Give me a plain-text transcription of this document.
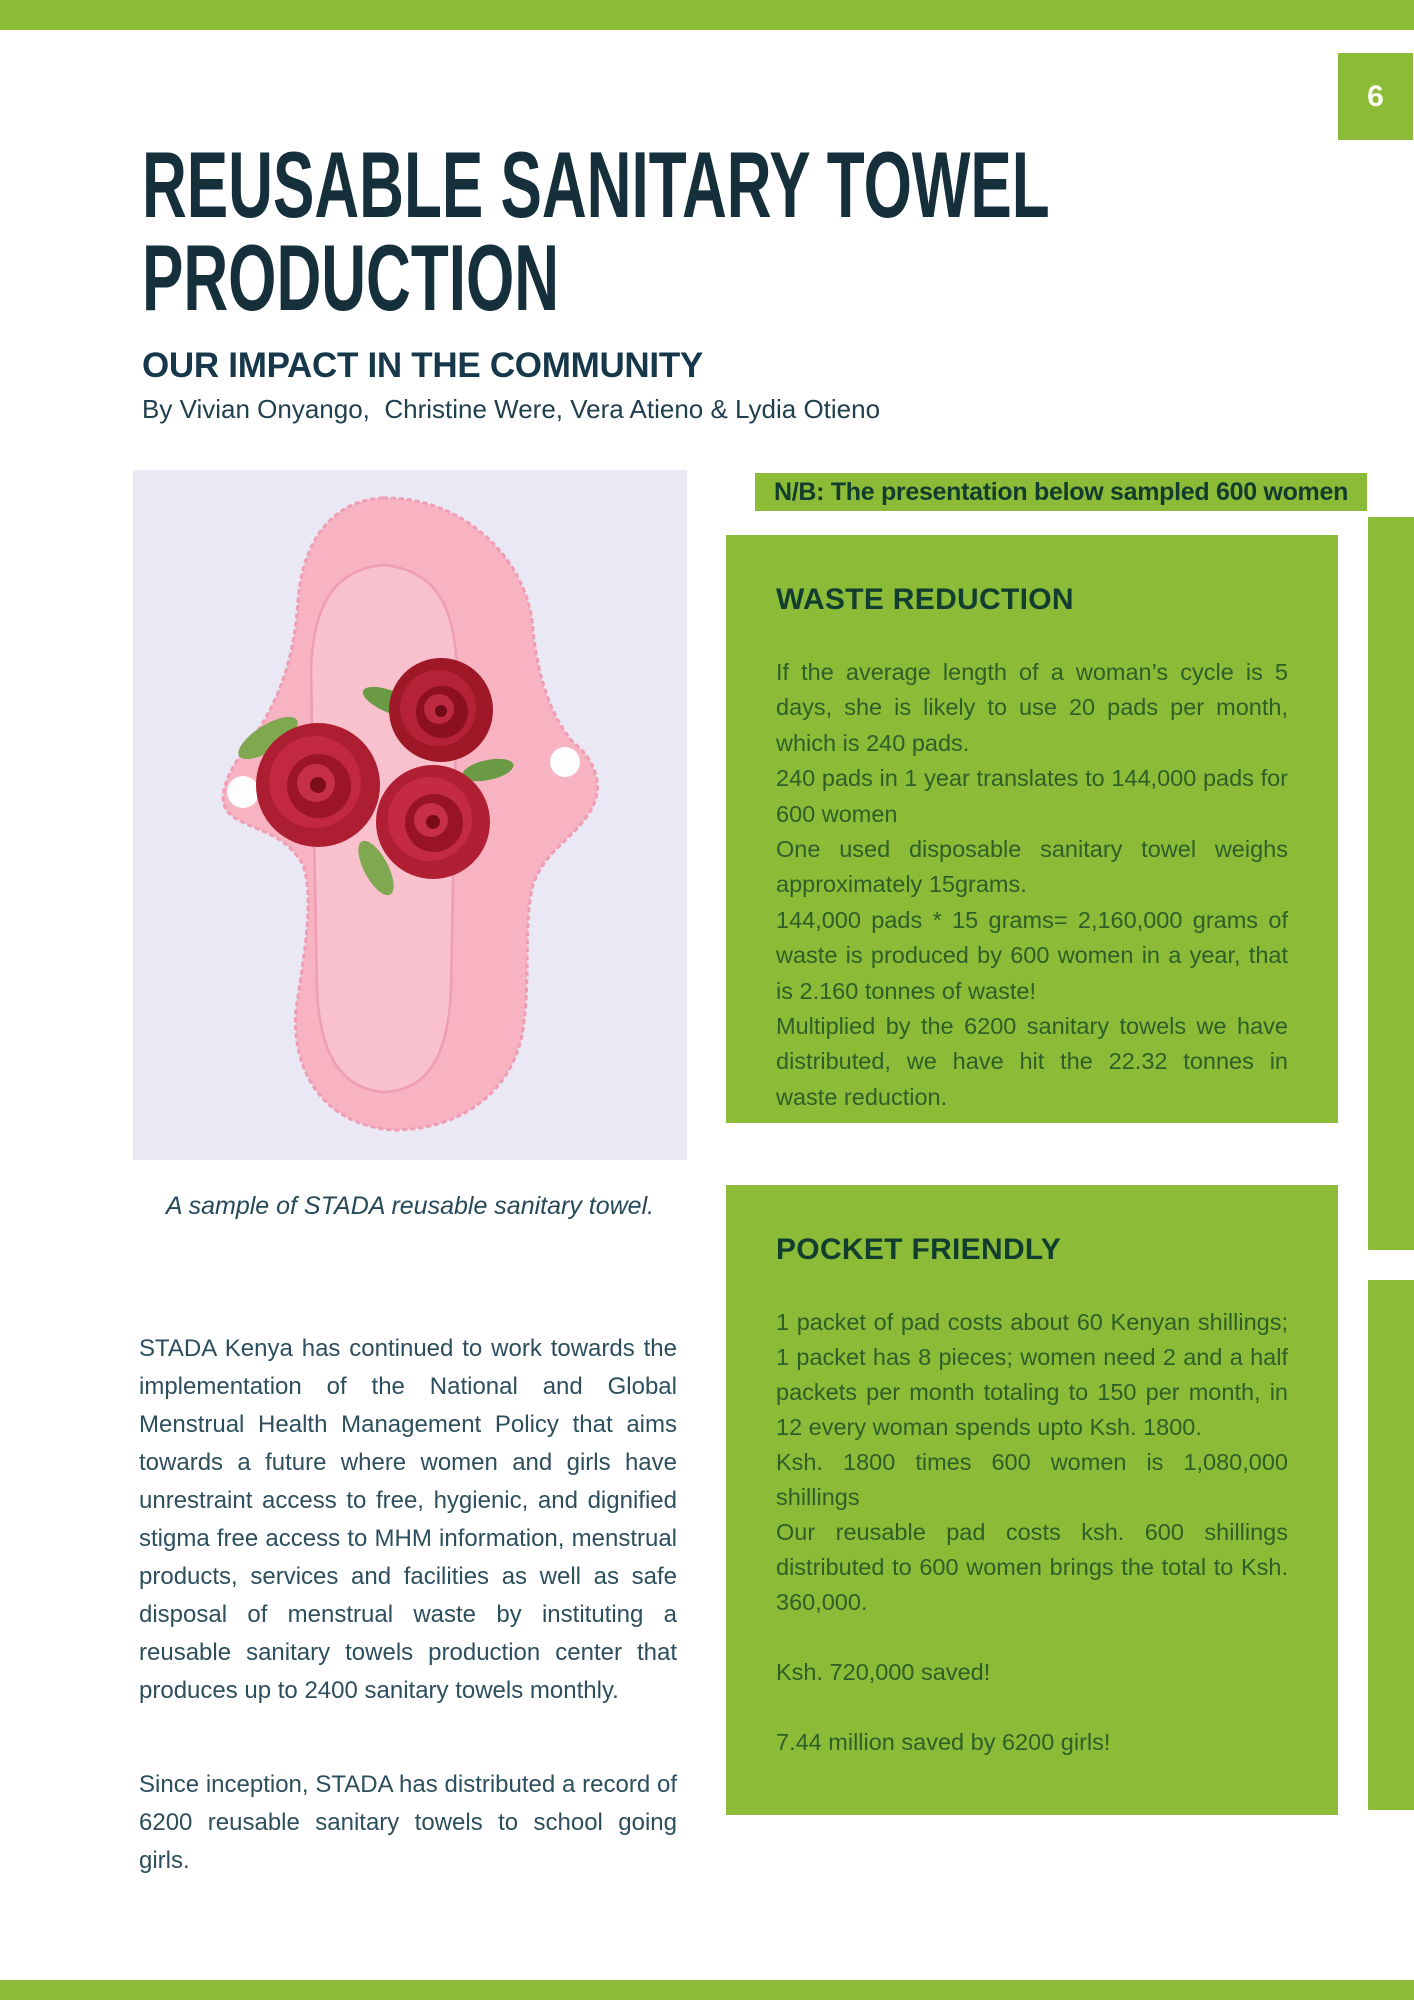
6
REUSABLE SANITARY TOWEL
PRODUCTION
OUR IMPACT IN THE COMMUNITY
By Vivian Onyango,  Christine Were, Vera Atieno & Lydia Otieno
A sample of STADA reusable sanitary towel.

STADA Kenya has continued to work towards the implementation of the National and Global Menstrual Health Management Policy that aims towards a future where women and girls have unrestraint access to free, hygienic, and dignified stigma free access to MHM information, menstrual products, services and facilities as well as safe disposal of menstrual waste by instituting a reusable sanitary towels production center that produces up to 2400 sanitary towels monthly.

Since inception, STADA has distributed a record of 6200 reusable sanitary towels to school going girls.

N/B: The presentation below sampled 600 women
WASTE REDUCTION

If the average length of a woman’s cycle is 5 days, she is likely to use 20 pads per month, which is 240 pads.

240 pads in 1 year translates to 144,000 pads for 600 women

One used disposable sanitary towel weighs approximately 15grams.

144,000 pads * 15 grams= 2,160,000 grams of waste is produced by 600 women in a year, that is 2.160 tonnes of waste!

Multiplied by the 6200 sanitary towels we have distributed, we have hit the 22.32 tonnes in waste reduction.

POCKET FRIENDLY

1 packet of pad costs about 60 Kenyan shillings; 1 packet has 8 pieces; women need 2 and a half packets per month totaling to 150 per month, in 12 every woman spends upto Ksh. 1800.

Ksh. 1800 times 600 women is 1,080,000 shillings

Our reusable pad costs ksh. 600 shillings distributed to 600 women brings the total to Ksh. 360,000.

Ksh. 720,000 saved!

7.44 million saved by 6200 girls!
